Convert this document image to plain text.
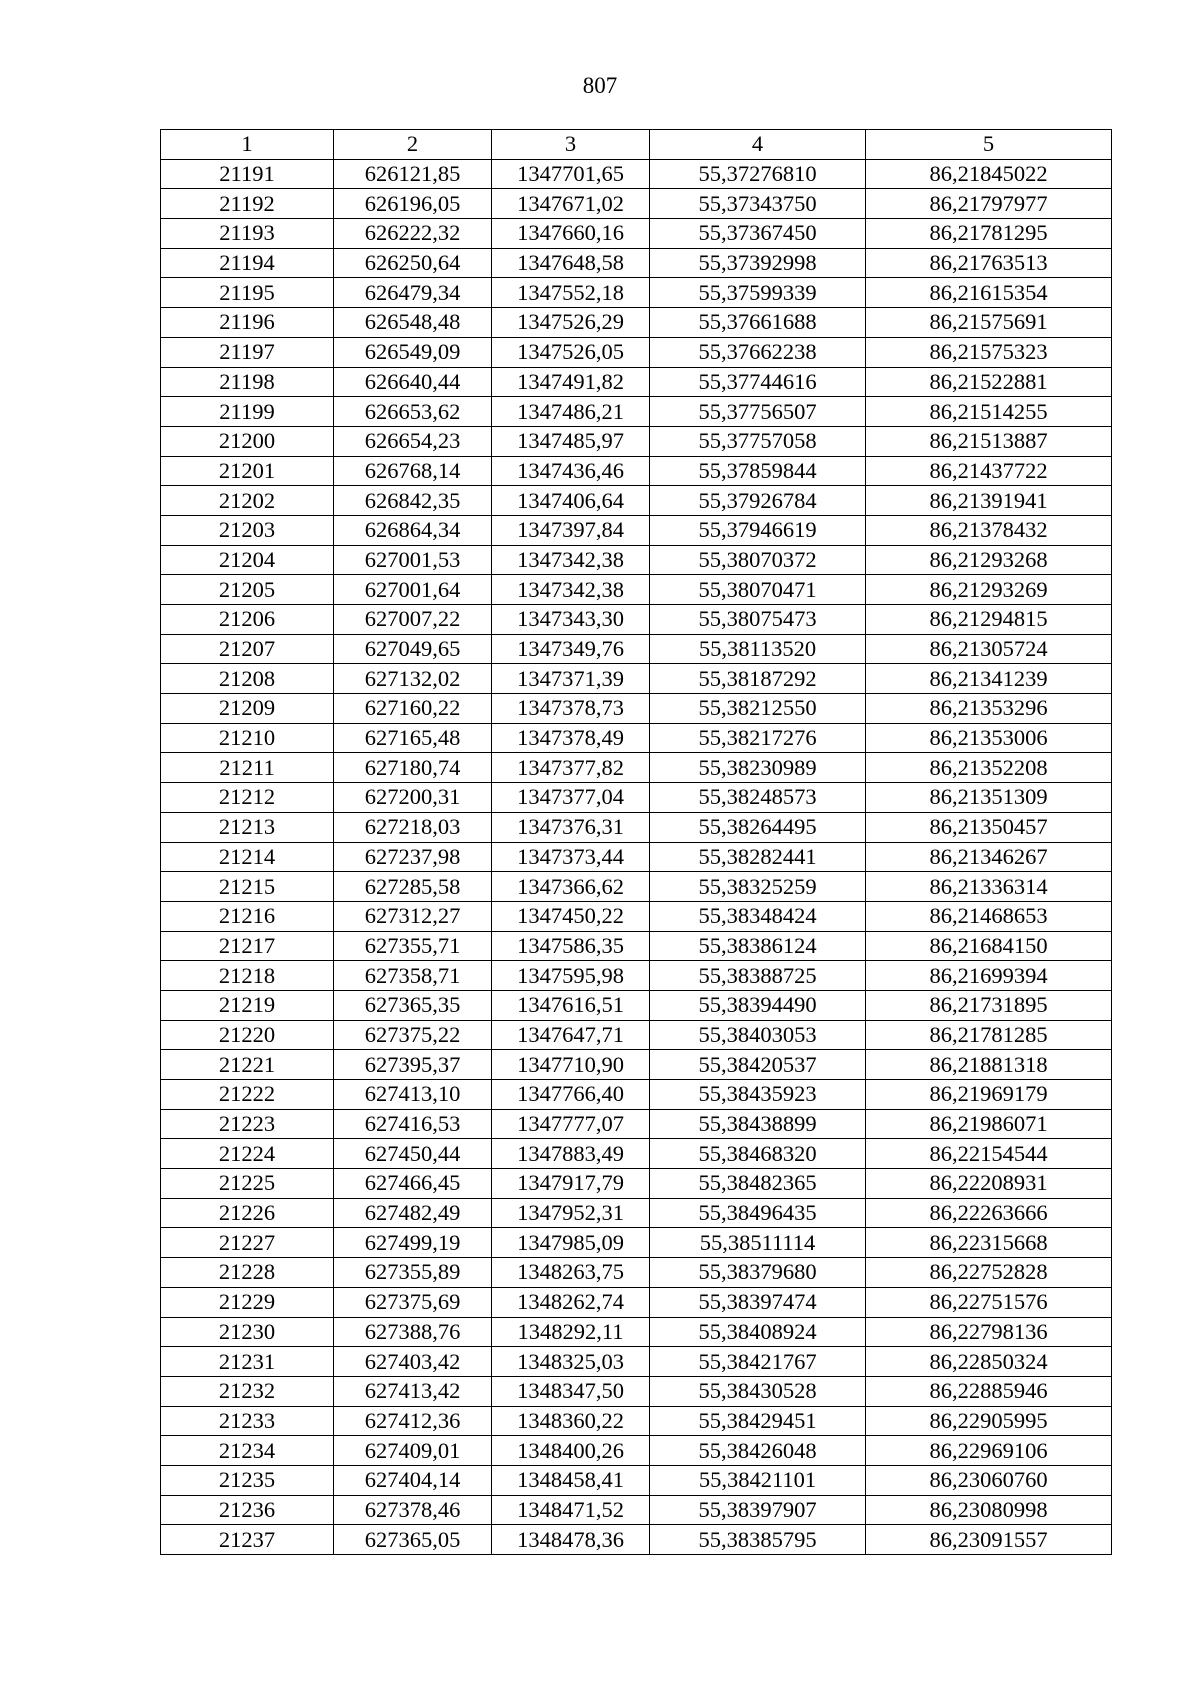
807
1	2	3	4	5
21191	626121,85	1347701,65	55,37276810	86,21845022
21192	626196,05	1347671,02	55,37343750	86,21797977
21193	626222,32	1347660,16	55,37367450	86,21781295
21194	626250,64	1347648,58	55,37392998	86,21763513
21195	626479,34	1347552,18	55,37599339	86,21615354
21196	626548,48	1347526,29	55,37661688	86,21575691
21197	626549,09	1347526,05	55,37662238	86,21575323
21198	626640,44	1347491,82	55,37744616	86,21522881
21199	626653,62	1347486,21	55,37756507	86,21514255
21200	626654,23	1347485,97	55,37757058	86,21513887
21201	626768,14	1347436,46	55,37859844	86,21437722
21202	626842,35	1347406,64	55,37926784	86,21391941
21203	626864,34	1347397,84	55,37946619	86,21378432
21204	627001,53	1347342,38	55,38070372	86,21293268
21205	627001,64	1347342,38	55,38070471	86,21293269
21206	627007,22	1347343,30	55,38075473	86,21294815
21207	627049,65	1347349,76	55,38113520	86,21305724
21208	627132,02	1347371,39	55,38187292	86,21341239
21209	627160,22	1347378,73	55,38212550	86,21353296
21210	627165,48	1347378,49	55,38217276	86,21353006
21211	627180,74	1347377,82	55,38230989	86,21352208
21212	627200,31	1347377,04	55,38248573	86,21351309
21213	627218,03	1347376,31	55,38264495	86,21350457
21214	627237,98	1347373,44	55,38282441	86,21346267
21215	627285,58	1347366,62	55,38325259	86,21336314
21216	627312,27	1347450,22	55,38348424	86,21468653
21217	627355,71	1347586,35	55,38386124	86,21684150
21218	627358,71	1347595,98	55,38388725	86,21699394
21219	627365,35	1347616,51	55,38394490	86,21731895
21220	627375,22	1347647,71	55,38403053	86,21781285
21221	627395,37	1347710,90	55,38420537	86,21881318
21222	627413,10	1347766,40	55,38435923	86,21969179
21223	627416,53	1347777,07	55,38438899	86,21986071
21224	627450,44	1347883,49	55,38468320	86,22154544
21225	627466,45	1347917,79	55,38482365	86,22208931
21226	627482,49	1347952,31	55,38496435	86,22263666
21227	627499,19	1347985,09	55,38511114	86,22315668
21228	627355,89	1348263,75	55,38379680	86,22752828
21229	627375,69	1348262,74	55,38397474	86,22751576
21230	627388,76	1348292,11	55,38408924	86,22798136
21231	627403,42	1348325,03	55,38421767	86,22850324
21232	627413,42	1348347,50	55,38430528	86,22885946
21233	627412,36	1348360,22	55,38429451	86,22905995
21234	627409,01	1348400,26	55,38426048	86,22969106
21235	627404,14	1348458,41	55,38421101	86,23060760
21236	627378,46	1348471,52	55,38397907	86,23080998
21237	627365,05	1348478,36	55,38385795	86,23091557
